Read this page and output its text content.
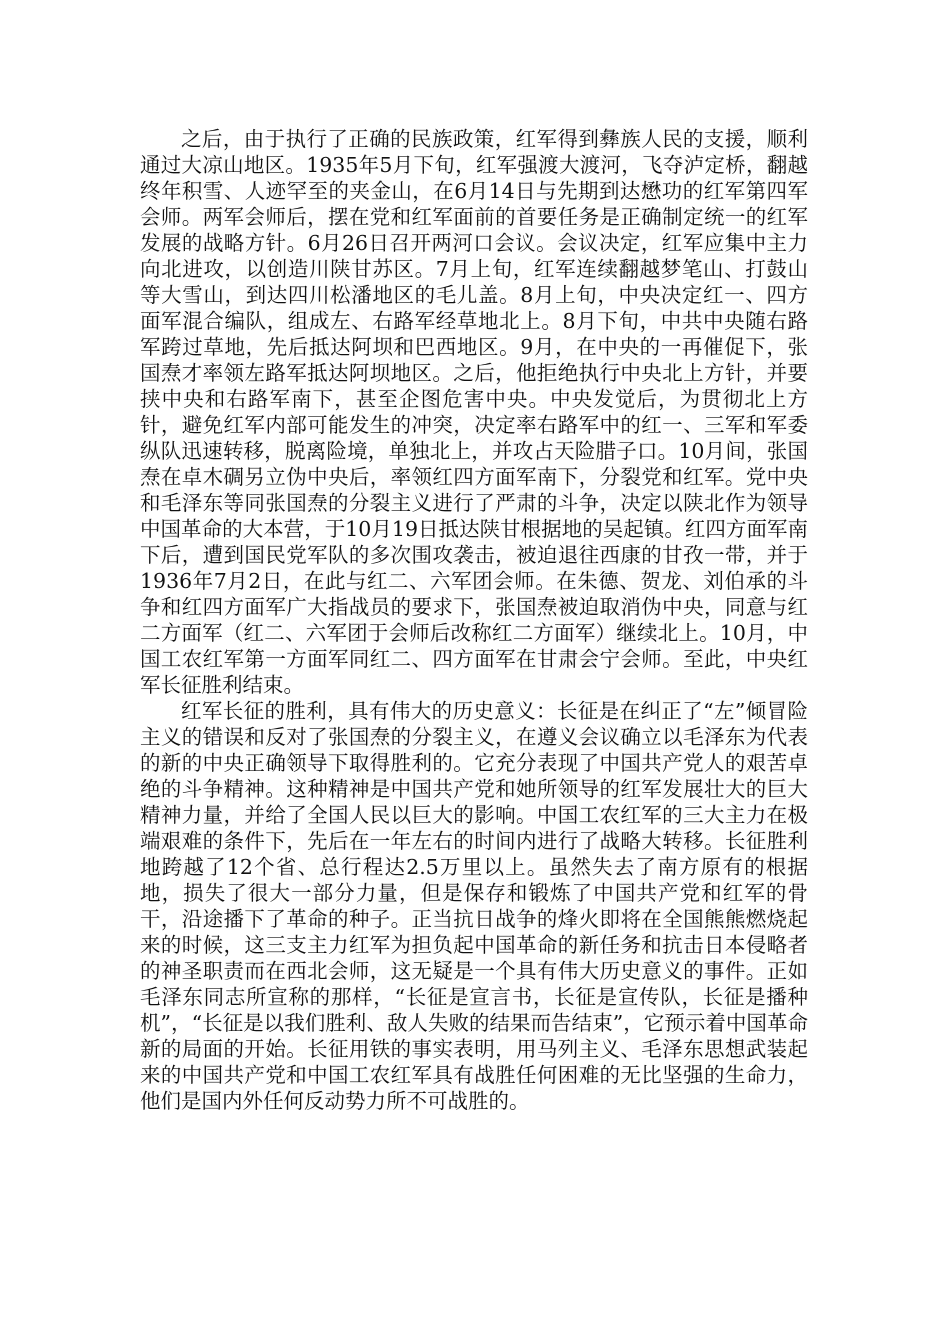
之后，由于执行了正确的民族政策，红军得到彝族人民的支援，顺利通过大凉山地区。1935年5月下旬，红军强渡大渡河，飞夺泸定桥，翻越终年积雪、人迹罕至的夹金山，在6月14日与先期到达懋功的红军第四军会师。两军会师后，摆在党和红军面前的首要任务是正确制定统一的红军发展的战略方针。6月26日召开两河口会议。会议决定，红军应集中主力向北进攻，以创造川陕甘苏区。7月上旬，红军连续翻越梦笔山、打鼓山等大雪山，到达四川松潘地区的毛儿盖。8月上旬，中央决定红一、四方面军混合编队，组成左、右路军经草地北上。8月下旬，中共中央随右路军跨过草地，先后抵达阿坝和巴西地区。9月，在中央的一再催促下，张国焘才率领左路军抵达阿坝地区。之后，他拒绝执行中央北上方针，并要挟中央和右路军南下，甚至企图危害中央。中央发觉后，为贯彻北上方针，避免红军内部可能发生的冲突，决定率右路军中的红一、三军和军委纵队迅速转移，脱离险境，单独北上，并攻占天险腊子口。10月间，张国焘在卓木碉另立伪中央后，率领红四方面军南下，分裂党和红军。党中央和毛泽东等同张国焘的分裂主义进行了严肃的斗争，决定以陕北作为领导中国革命的大本营，于10月19日抵达陕甘根据地的吴起镇。红四方面军南下后，遭到国民党军队的多次围攻袭击，被迫退往西康的甘孜一带，并于1936年7月2日，在此与红二、六军团会师。在朱德、贺龙、刘伯承的斗争和红四方面军广大指战员的要求下，张国焘被迫取消伪中央，同意与红二方面军（红二、六军团于会师后改称红二方面军）继续北上。10月，中国工农红军第一方面军同红二、四方面军在甘肃会宁会师。至此，中央红军长征胜利结束。

红军长征的胜利，具有伟大的历史意义：长征是在纠正了“左”倾冒险主义的错误和反对了张国焘的分裂主义，在遵义会议确立以毛泽东为代表的新的中央正确领导下取得胜利的。它充分表现了中国共产党人的艰苦卓绝的斗争精神。这种精神是中国共产党和她所领导的红军发展壮大的巨大精神力量，并给了全国人民以巨大的影响。中国工农红军的三大主力在极端艰难的条件下，先后在一年左右的时间内进行了战略大转移。长征胜利地跨越了12个省、总行程达2.5万里以上。虽然失去了南方原有的根据地，损失了很大一部分力量，但是保存和锻炼了中国共产党和红军的骨干，沿途播下了革命的种子。正当抗日战争的烽火即将在全国熊熊燃烧起来的时候，这三支主力红军为担负起中国革命的新任务和抗击日本侵略者的神圣职责而在西北会师，这无疑是一个具有伟大历史意义的事件。正如毛泽东同志所宣称的那样，“长征是宣言书，长征是宣传队，长征是播种机”，“长征是以我们胜利、敌人失败的结果而告结束”，它预示着中国革命新的局面的开始。长征用铁的事实表明，用马列主义、毛泽东思想武装起来的中国共产党和中国工农红军具有战胜任何困难的无比坚强的生命力，他们是国内外任何反动势力所不可战胜的。
